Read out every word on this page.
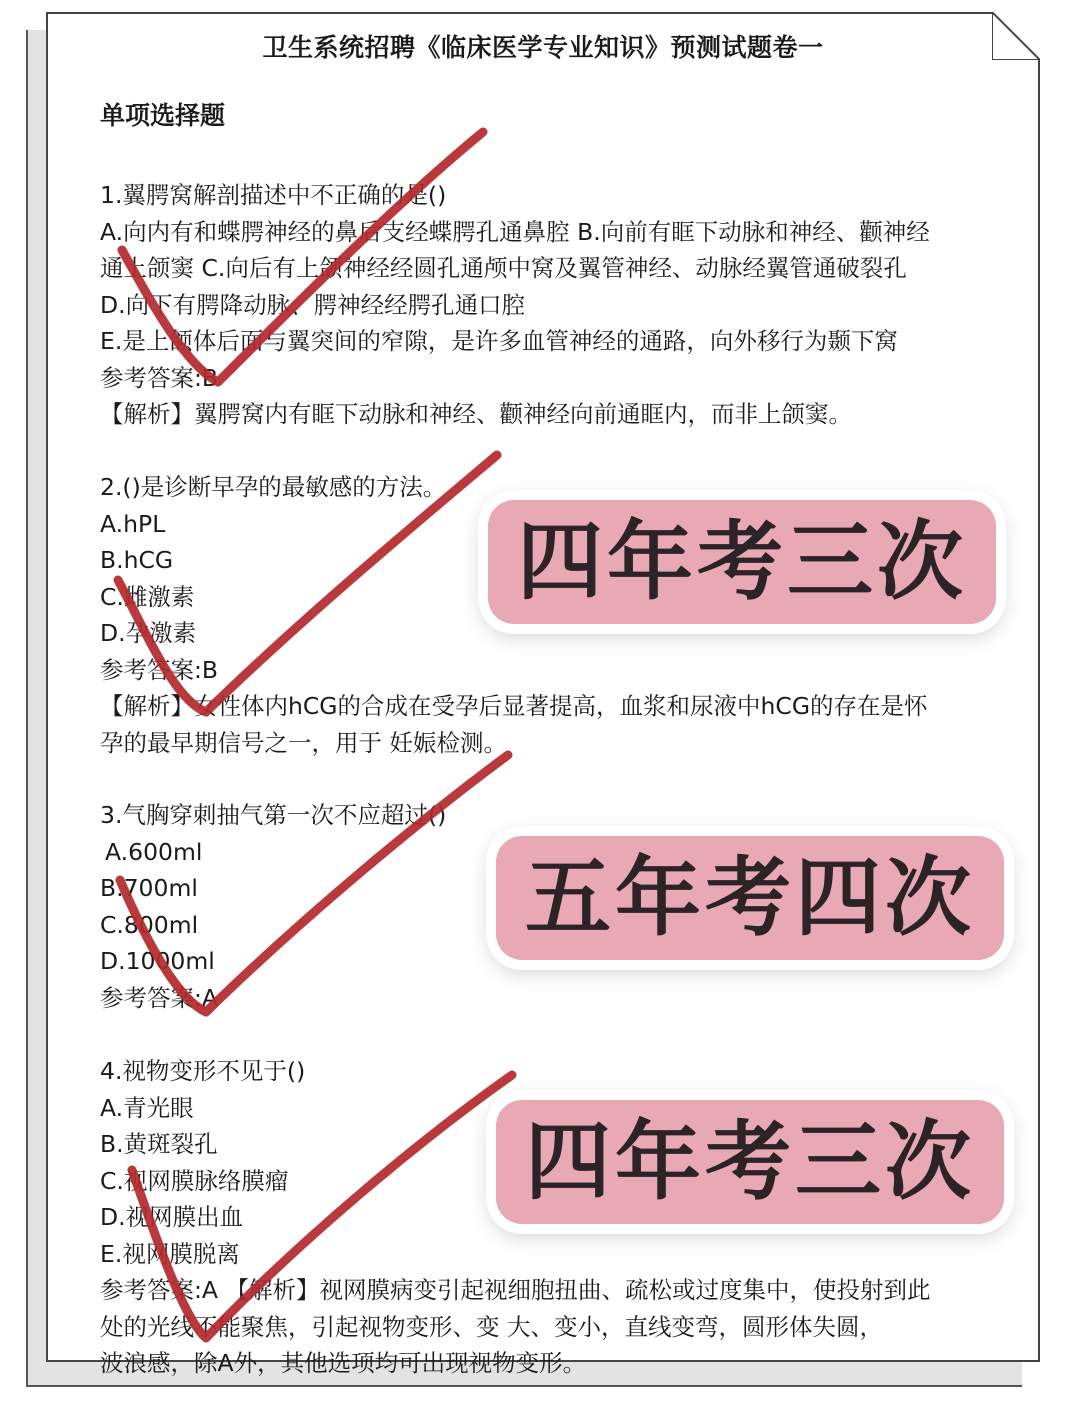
卫生系统招聘《临床医学专业知识》预测试题卷一
单项选择题
1.翼腭窝解剖描述中不正确的是()
A.向内有和蝶腭神经的鼻后支经蝶腭孔通鼻腔 B.向前有眶下动脉和神经、颧神经
通上颌窦 C.向后有上颌神经经圆孔通颅中窝及翼管神经、动脉经翼管通破裂孔
D.向下有腭降动脉、腭神经经腭孔通口腔
E.是上颌体后面与翼突间的窄隙，是许多血管神经的通路，向外移行为颞下窝
参考答案:B
【解析】翼腭窝内有眶下动脉和神经、颧神经向前通眶内，而非上颌窦。
2.()是诊断早孕的最敏感的方法。
A.hPL
B.hCG
C.雌激素
D.孕激素
参考答案:B
【解析】女性体内hCG的合成在受孕后显著提高，血浆和尿液中hCG的存在是怀
孕的最早期信号之一，用于 妊娠检测。
3.气胸穿刺抽气第一次不应超过()
A.600ml
B.700ml
C.800ml
D.1000ml
参考答案:A
4.视物变形不见于()
A.青光眼
B.黄斑裂孔
C.视网膜脉络膜瘤
D.视网膜出血
E.视网膜脱离
参考答案:A 【解析】视网膜病变引起视细胞扭曲、疏松或过度集中，使投射到此
处的光线不能聚焦，引起视物变形、变 大、变小，直线变弯，圆形体失圆，
波浪感，除A外，其他选项均可出现视物变形。
四年考三次
五年考四次
四年考三次
